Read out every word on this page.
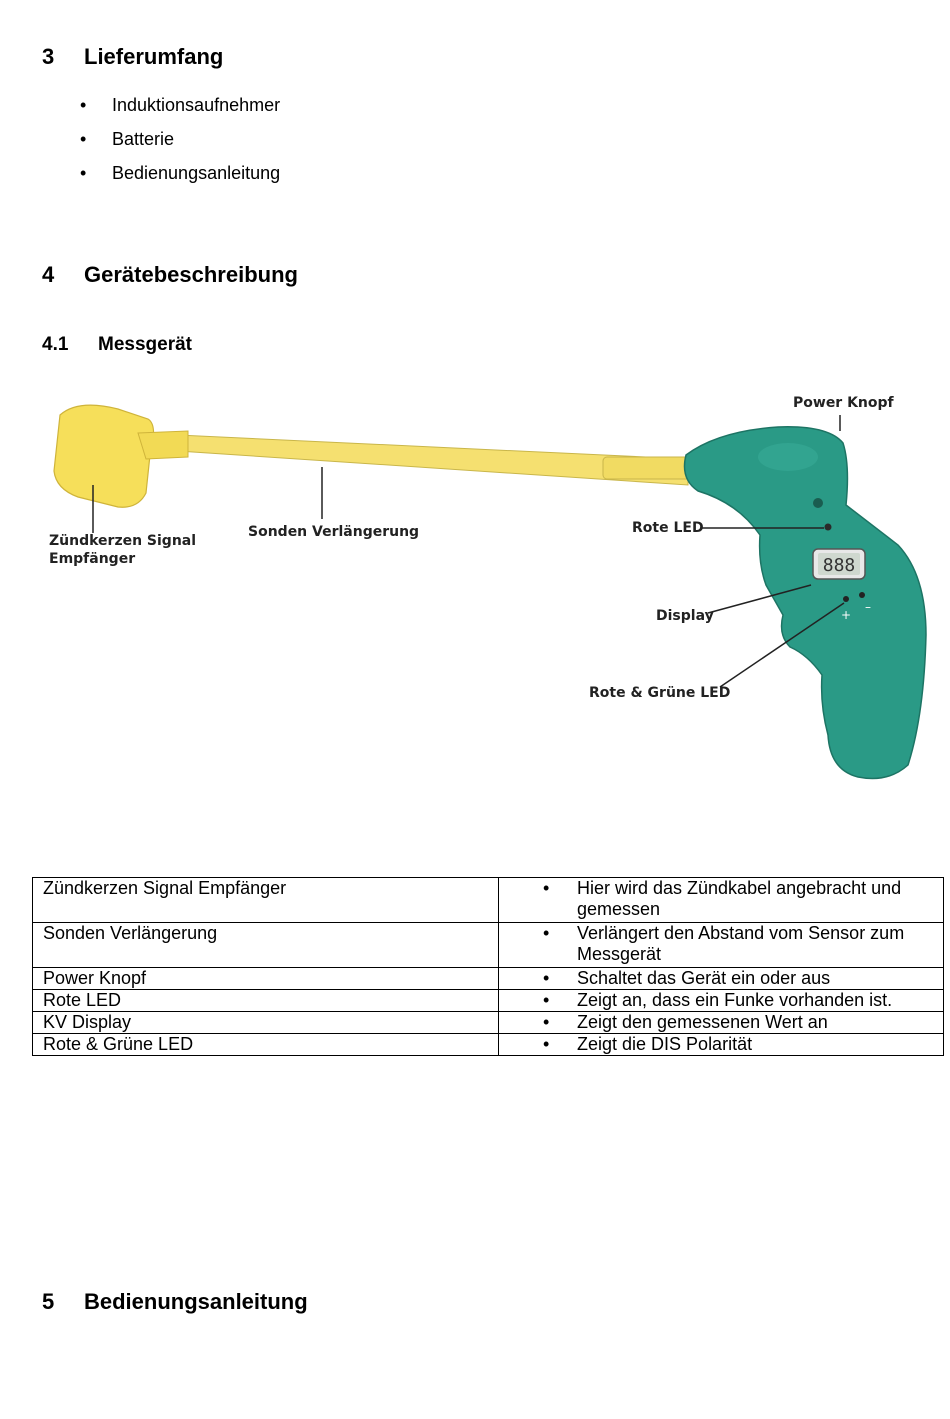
3 Lieferumfang
• Induktionsaufnehmer
• Batterie
• Bedienungsanleitung
4 Gerätebeschreibung
4.1 Messgerät
888
+
–
Zündkerzen Signal
Empfänger
Sonden Verlängerung
Power Knopf
Rote LED
Display
Rote & Grüne LED
Zündkerzen Signal Empfänger	• Hier wird das Zündkabel angebracht und gemessen

Sonden Verlängerung	• Verlängert den Abstand vom Sensor zum Messgerät

Power Knopf	• Schaltet das Gerät ein oder aus

Rote LED	• Zeigt an, dass ein Funke vorhanden ist.

KV Display	• Zeigt den gemessenen Wert an

Rote & Grüne LED	• Zeigt die DIS Polarität
5 Bedienungsanleitung
